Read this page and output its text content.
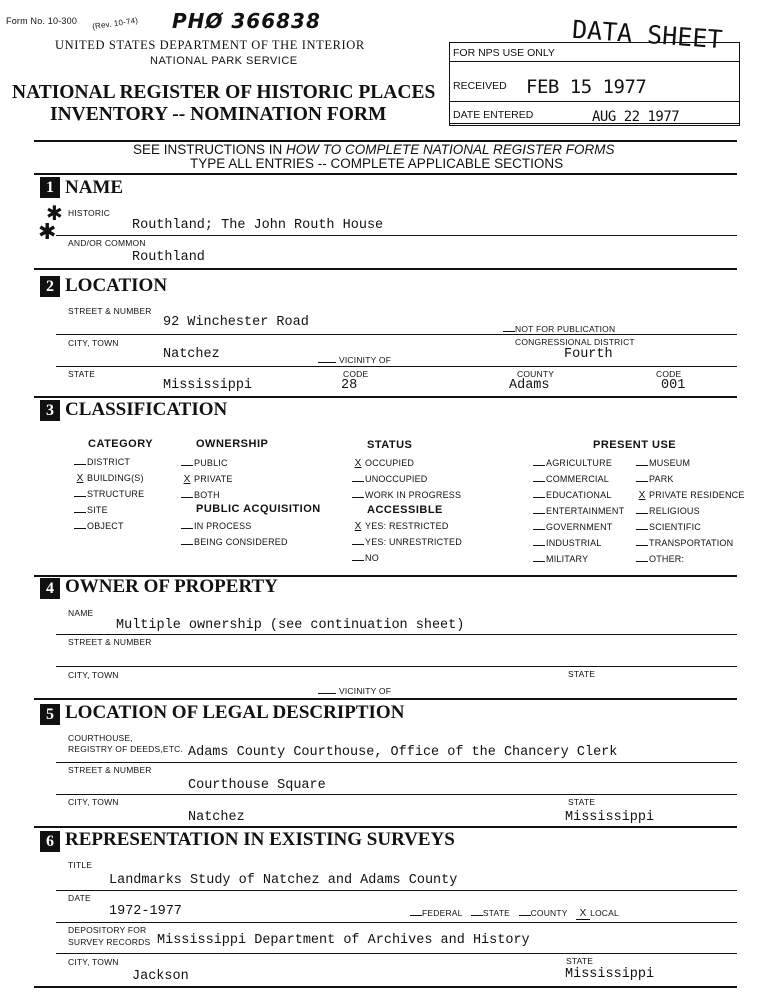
Form No. 10-300 (Rev. 10-74) PHØ 366838	DATA SHEET
UNITED STATES DEPARTMENT OF THE INTERIOR
NATIONAL PARK SERVICE
NATIONAL REGISTER OF HISTORIC PLACES
INVENTORY -- NOMINATION FORM
FOR NPS USE ONLY
RECEIVED FEB 15 1977
DATE ENTERED	AUG 22 1977
SEE INSTRUCTIONS IN HOW TO COMPLETE NATIONAL REGISTER FORMS
TYPE ALL ENTRIES -- COMPLETE APPLICABLE SECTIONS
1 NAME
✱
✱
HISTORIC
Routhland; The John Routh House
AND/OR COMMON
Routhland
2 LOCATION
STREET & NUMBER
92 Winchester Road	NOT FOR PUBLICATION
CITY, TOWN	CONGRESSIONAL DISTRICT
Natchez	VICINITY OF	Fourth
STATE	CODE	COUNTY	CODE
Mississippi	28	Adams	001
3 CLASSIFICATION
CATEGORY	OWNERSHIP	STATUS	PRESENT USE
PUBLIC ACQUISITION	ACCESSIBLE
DISTRICT
X BUILDING(S)
STRUCTURE
SITE
OBJECT
PUBLIC
X PRIVATE
BOTH
IN PROCESS
BEING CONSIDERED
X OCCUPIED
UNOCCUPIED
WORK IN PROGRESS
X YES: RESTRICTED
YES: UNRESTRICTED
NO
AGRICULTURE
COMMERCIAL
EDUCATIONAL
ENTERTAINMENT
GOVERNMENT
INDUSTRIAL
MILITARY
MUSEUM
PARK
X PRIVATE RESIDENCE
RELIGIOUS
SCIENTIFIC
TRANSPORTATION
OTHER:
4 OWNER OF PROPERTY
NAME
Multiple ownership (see continuation sheet)
STREET & NUMBER
CITY, TOWN	STATE
VICINITY OF
5 LOCATION OF LEGAL DESCRIPTION
COURTHOUSE,
REGISTRY OF DEEDS,ETC. Adams County Courthouse, Office of the Chancery Clerk
STREET & NUMBER
Courthouse Square
CITY, TOWN	STATE
Natchez	Mississippi
6 REPRESENTATION IN EXISTING SURVEYS
TITLE
Landmarks Study of Natchez and Adams County
DATE
1972-1977	FEDERAL STATE COUNTY X LOCAL
DEPOSITORY FOR
SURVEY RECORDS Mississippi Department of Archives and History
CITY, TOWN	STATE
Jackson	Mississippi
